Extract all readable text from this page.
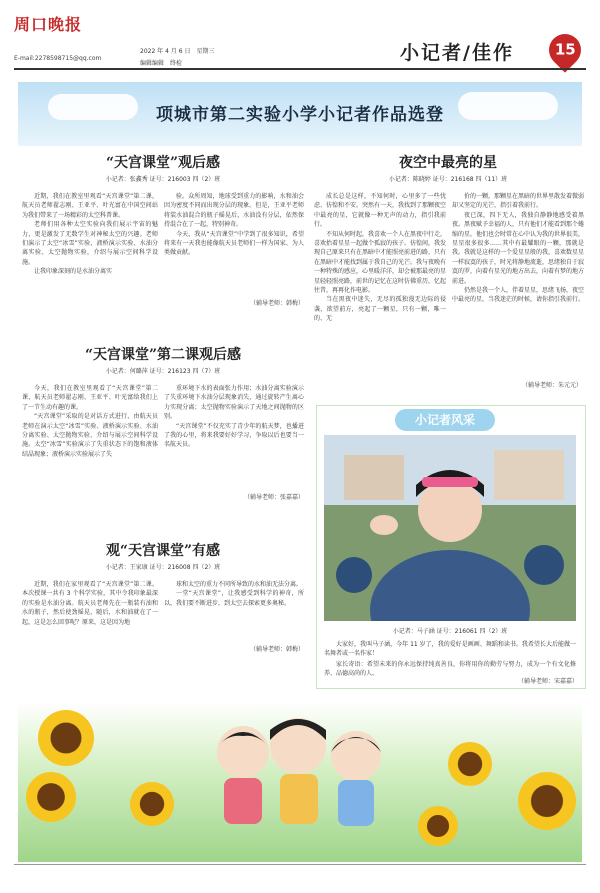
周口晚报
E-mail:2278598715@qq.com
2022 年 4 月 6 日　星期三
编辑编辑　终检	小记者/佳作	15
项城市第二实验小学小记者作品选登
“天宫课堂”观后感
小记者：张鑫秀 证号：216003 四（2）班

近期，我们在教室里观看“天宫课堂”第二课，航天员老师翟志刚、王亚平、叶光富在中国空间站为我们带来了一场精彩的太空科普课。

老师们用各种太空实验向我们展示宇宙的魅力，更是激发了无数学生对神秘太空的兴趣。老师们演示了太空“冰雪”实验、液桥演示实验、水油分离实验、太空抛物实验，介绍与展示空间科学设施。

让我印象深刻的是水油分离实

验。众所周知，地球受到重力的影响，水和油会因为密度不同而出现分层的现象。但是，王亚平老师将装水油混合的瓶子摇晃后，水油没有分层，依然保持混合在了一起，特别神奇。

今天，我从“天宫课堂”中学到了很多知识，希望将来有一天我也能像航天员老师们一样为国家、为人类做贡献。

（辅导老师：韩梅）
夜空中最亮的星
小记者：陈晓婷 证号：216168 四（11）班

成长总是这样，不知何时，心里多了一些忧虑、彷徨和不安。突然有一天，我找到了那颗夜空中最亮的星，它就像一种无声的动力，指引我前行。

不知从何时起，我喜欢一个人在黑夜中行走，喜欢抬着星星一起做个孤寂的孩子。彷徨间，我发现自己原来只有在黑暗中才能照亮前进的路，只有在黑暗中才能找到属于我自己的光芒。我与夜晚有一种特殊的感应，心里暖洋洋，却会被那最亮的星星轻轻照亮路，前世的记忆在这时仿佛重历，忆起往昔，再再化作电影。

当在黑夜中迷失，无尽的孤独漫无边际的侵袭，欲望前方，亮起了一颗星，只有一颗，唯一的、无

价的一颗，那颗星在黑暗的世界里散发着微弱却又坚定的光芒，指引着我前行。

夜已深，四下无人，我独自静静地感受着黑夜。黑夜赋予幸福的人，只有他们才能看到那个蜷缩的星，他们也会时常在心中认为我的世界很美，星星很多很多……其中有最耀眼的一颗，那就是我。我就是这样的一个爱星星般的我，喜欢数星星一样寂寞的孩子，时光将静地流逝，思绪独自于寂寞的罗，向着有星光的地方出去，向着有梦的地方前进。

仍然是我一个人，伴着星星，思绪飞扬，夜空中最亮的星，当我迷茫的时候，请你指引我前行。

（辅导老师：朱元元）
“天宫课堂”第二课观后感
小记者：何璐萍 证号：216123 四（7）班

今天，我们在教室里观看了“天宫课堂”第二课，航天员老师翟志刚、王亚平、叶光富给我们上了一节生动有趣的课。

“天宫课堂”采取的是对话方式进行，由航天员老师在演示太空“冰雪”实验、液桥演示实验、水油分离实验、太空抛物实验、介绍与展示空间科学设施。太空“冰雪”实验演示了失重状态下的饱和液体结晶现象；液桥演示实验展示了失

重环境下水的表面张力作用；水油分离实验演示了失重环境下水油分层现象消失，通过旋转产生离心力实现分离；太空抛物实验演示了天地之间抛物的区别。

“天宫课堂”不仅充实了青少年的航天梦，也播进了我的心里，将来我要好好学习，争取以后也要当一名航天员。

（辅导老师：张嘉嘉）
观“天宫课堂”有感
小记者：王家康 证号：216008 四（2）班

近期，我们在家里观看了“天宫课堂”第二课。本次授课一共有 3 个科学实验，其中令我印象最深的实验是水油分离。航天员老师先在一瓶装有油和水的瓶子，然后使劲摇晃，随后，水和油就在了一起，这是怎么回事呢？原来，这是因为地

球和太空的重力不同所导致的水和油无法分离。

一堂“天宫课堂”，让我感受到科学的神奇，所以，我们要不断进步，到太空去探索更多奥秘。

（辅导老师：韩梅）
小记者风采
小记者：马子涵 证号：216061 四（2）班

大家好，我叫马子涵，今年 11 岁了，我的爱好是画画、舞蹈和读书。我希望长大后能做一名舞者或一名作家！

家长寄语：希望未来的你永远保持纯真善良，你将用你的勤劳与努力，成为一个有文化修养、品德高尚的人。

（辅导老师：宋嘉嘉）
